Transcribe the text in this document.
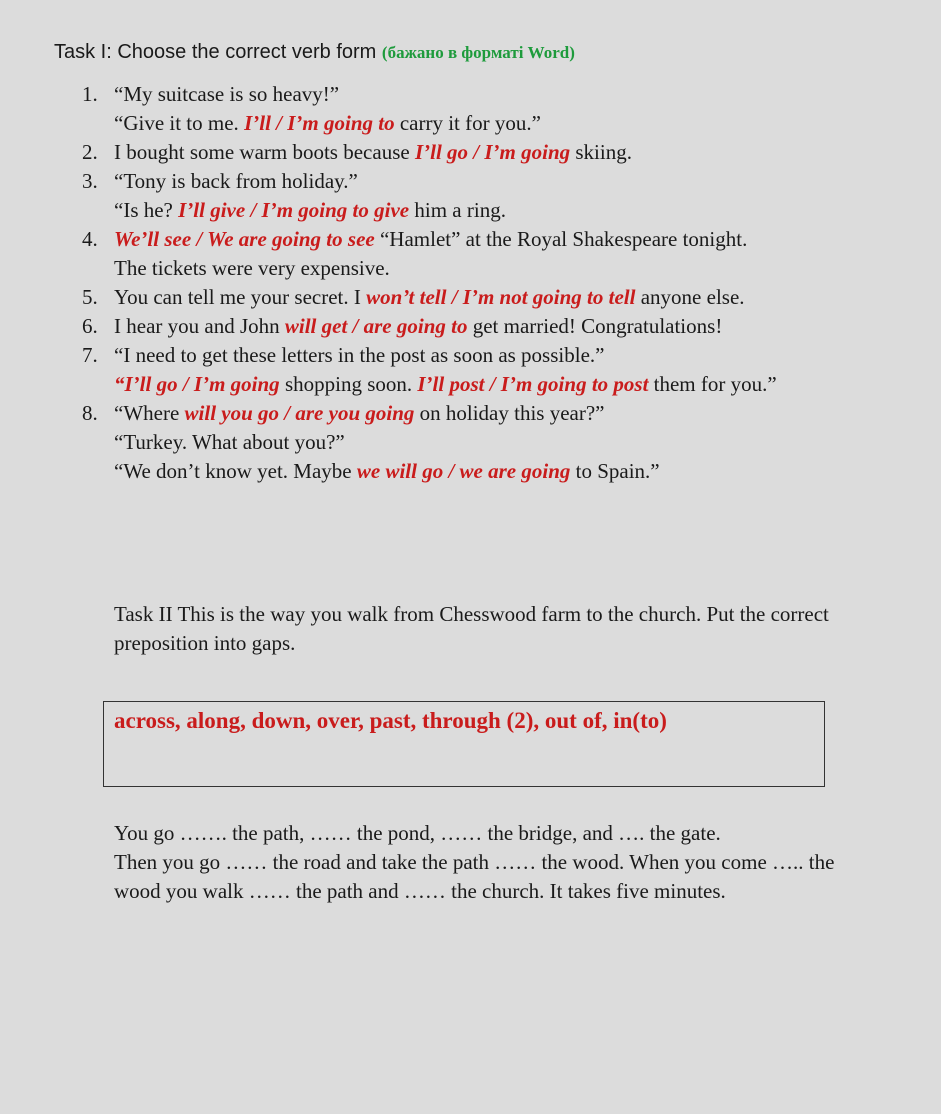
Task I: Choose the correct verb form (бажано в форматі Word)
1. “My suitcase is so heavy!”
“Give it to me. I’ll / I’m going to carry it for you.”
2. I bought some warm boots because I’ll go / I’m going skiing.
3. “Tony is back from holiday.”
“Is he? I’ll give / I’m going to give him a ring.
4. We’ll see / We are going to see “Hamlet” at the Royal Shakespeare tonight.
The tickets were very expensive.
5. You can tell me your secret. I won’t tell / I’m not going to tell anyone else.
6. I hear you and John will get / are going to get married! Congratulations!
7. “I need to get these letters in the post as soon as possible.”
“I’ll go / I’m going shopping soon. I’ll post / I’m going to post them for you.”
8. “Where will you go / are you going on holiday this year?”
“Turkey. What about you?”
“We don’t know yet. Maybe we will go / we are going to Spain.”
Task II This is the way you walk from Chesswood farm to the church. Put the correct preposition into gaps.
across, along, down, over, past, through (2), out of, in(to)
You go ……. the path, …… the pond, …… the bridge, and …. the gate.
Then you go …… the road and take the path …… the wood. When you come ….. the
wood you walk …… the path and …… the church. It takes five minutes.
